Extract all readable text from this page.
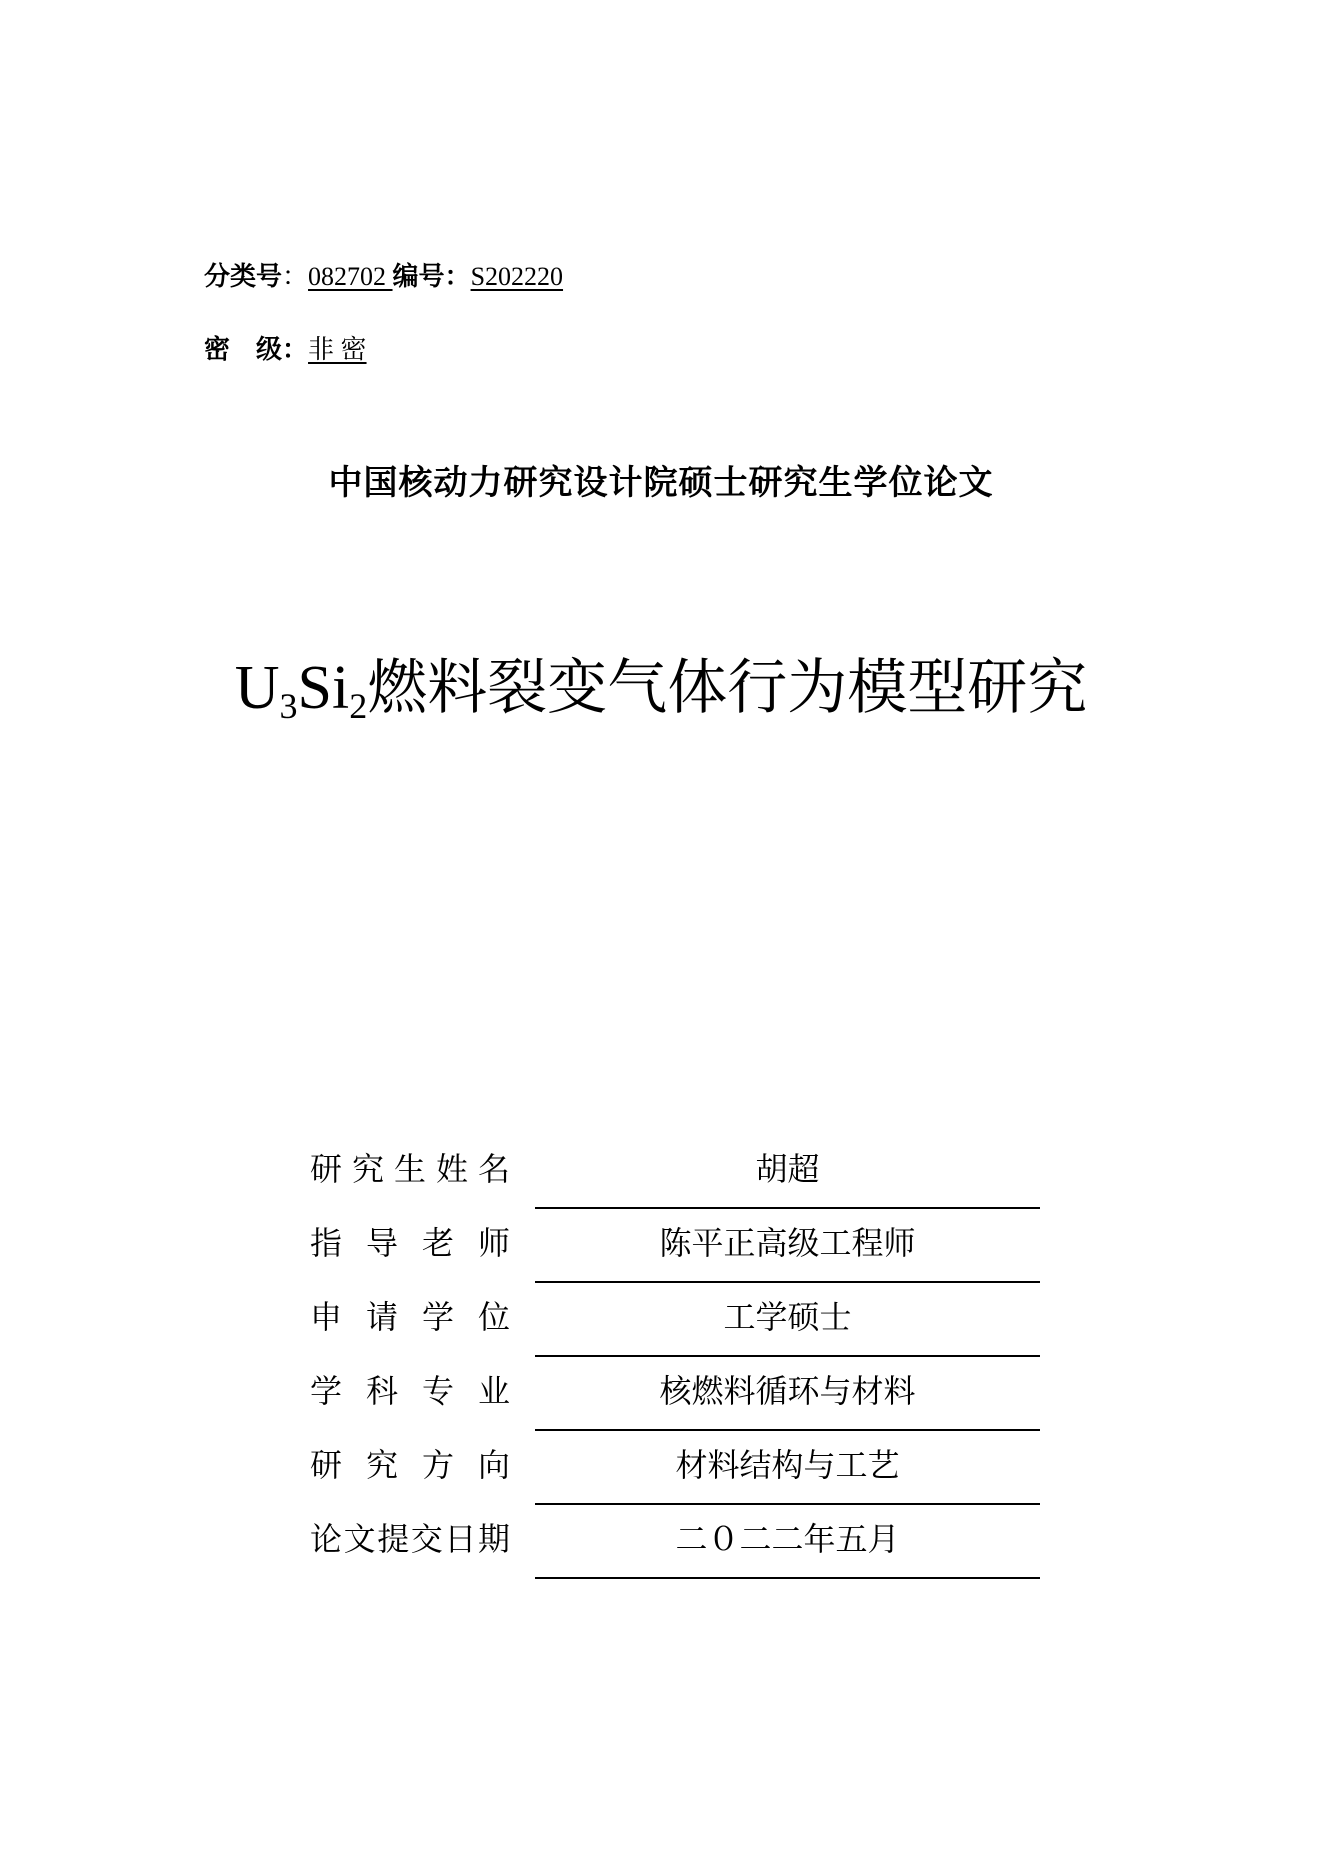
分类号：082702 编号：S202220
密　级：非 密
中国核动力研究设计院硕士研究生学位论文
$U_3Si_2$燃料裂变气体行为模型研究
研究生姓名	胡超
指导老师	陈平正高级工程师
申请学位	工学硕士
学科专业	核燃料循环与材料
研究方向	材料结构与工艺
论文提交日期	二０二二年五月
